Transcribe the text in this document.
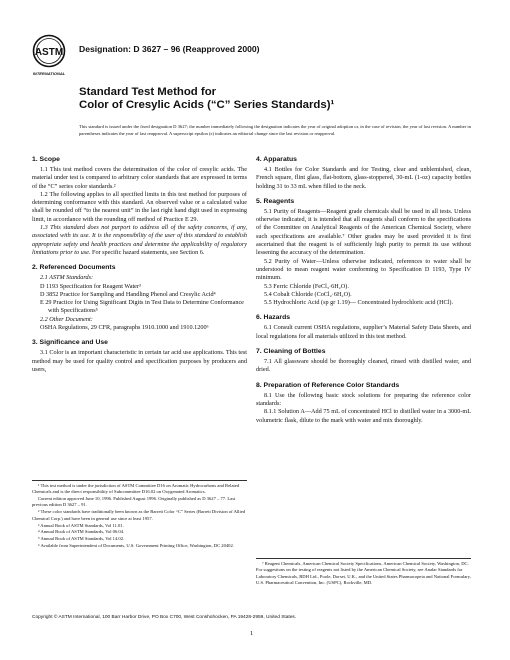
ASTM
INTERNATIONAL
Designation: D 3627 – 96 (Reapproved 2000)
Standard Test Method for
Color of Cresylic Acids (“C” Series Standards)¹
This standard is issued under the fixed designation D 3627; the number immediately following the designation indicates the year of original adoption or, in the case of revision, the year of last revision. A number in parentheses indicates the year of last reapproval. A superscript epsilon (ε) indicates an editorial change since the last revision or reapproval.
1. Scope

1.1 This test method covers the determination of the color of cresylic acids. The material under test is compared to arbitrary color standards that are expressed in terms of the “C” series color standards.²

1.2 The following applies to all specified limits in this test method for purposes of determining conformance with this standard. An observed value or a calculated value shall be rounded off “to the nearest unit” in the last right hand digit used in expressing limit, in accordance with the rounding off method of Practice E 29.

1.3 This standard does not purport to address all of the safety concerns, if any, associated with its use. It is the responsibility of the user of this standard to establish appropriate safety and health practices and determine the applicability of regulatory limitations prior to use. For specific hazard statements, see Section 6.

2. Referenced Documents

2.1 ASTM Standards:

D 1193 Specification for Reagent Water³
D 3852 Practice for Sampling and Handling Phenol and Cresylic Acid⁴
E 29 Practice for Using Significant Digits in Test Data to Determine Conformance with Specifications⁵

2.2 Other Document:

OSHA Regulations, 29 CFR, paragraphs 1910.1000 and 1910.1200⁶
3. Significance and Use

3.1 Color is an important characteristic in certain tar acid use applications. This test method may be used for quality control and specification purposes by producers and users,

4. Apparatus

4.1 Bottles for Color Standards and for Testing, clear and unblemished, clean, French square, flint glass, flat-bottom, glass-stoppered, 30-mL (1-oz) capacity bottles holding 31 to 33 mL when filled to the neck.

5. Reagents

5.1 Purity of Reagents—Reagent grade chemicals shall be used in all tests. Unless otherwise indicated, it is intended that all reagents shall conform to the specifications of the Committee on Analytical Reagents of the American Chemical Society, where such specifications are available.⁷ Other grades may be used provided it is first ascertained that the reagent is of sufficiently high purity to permit its use without lessening the accuracy of the determination.

5.2 Purity of Water—Unless otherwise indicated, references to water shall be understood to mean reagent water conforming to Specification D 1193, Type IV minimum.

5.3 Ferric Chloride (FeCl₃·6H₂O).

5.4 Cobalt Chloride (CoCl₂·6H₂O).

5.5 Hydrochloric Acid (sp gr 1.19)— Concentrated hydrochloric acid (HCl).

6. Hazards

6.1 Consult current OSHA regulations, supplier’s Material Safety Data Sheets, and local regulations for all materials utilized in this test method.

7. Cleaning of Bottles

7.1 All glassware should be thoroughly cleaned, rinsed with distilled water, and dried.

8. Preparation of Reference Color Standards

8.1 Use the following basic stock solutions for preparing the reference color standards:

8.1.1 Solution A—Add 75 mL of concentrated HCl to distilled water in a 3000-mL volumetric flask, dilute to the mark with water and mix thoroughly.

¹ This test method is under the jurisdiction of ASTM Committee D16 on Aromatic Hydrocarbons and Related Chemicals and is the direct responsibility of Subcommittee D16.02 on Oxygenated Aromatics.
Current edition approved June 10, 1996. Published August 1996. Originally published as D 3627 – 77. Last previous edition D 3627 – 91.
² These color standards have traditionally been known as the Barrett Color “C” Series (Barrett Division of Allied Chemical Corp.) and have been in general use since at least 1957.
³ Annual Book of ASTM Standards, Vol 11.01.
⁴ Annual Book of ASTM Standards, Vol 06.04.
⁵ Annual Book of ASTM Standards, Vol 14.02.
⁶ Available from Superintendent of Documents, U.S. Government Printing Office, Washington, DC 20402.
⁷ Reagent Chemicals, American Chemical Society Specifications, American Chemical Society, Washington, DC. For suggestions on the testing of reagents not listed by the American Chemical Society, see Analar Standards for Laboratory Chemicals, BDH Ltd., Poole, Dorset, U.K., and the United States Pharmacopeia and National Formulary, U.S. Pharmaceutical Convention, Inc. (USPC), Rockville, MD.
Copyright © ASTM International, 100 Barr Harbor Drive, PO Box C700, West Conshohocken, PA 19428-2959, United States.
1
